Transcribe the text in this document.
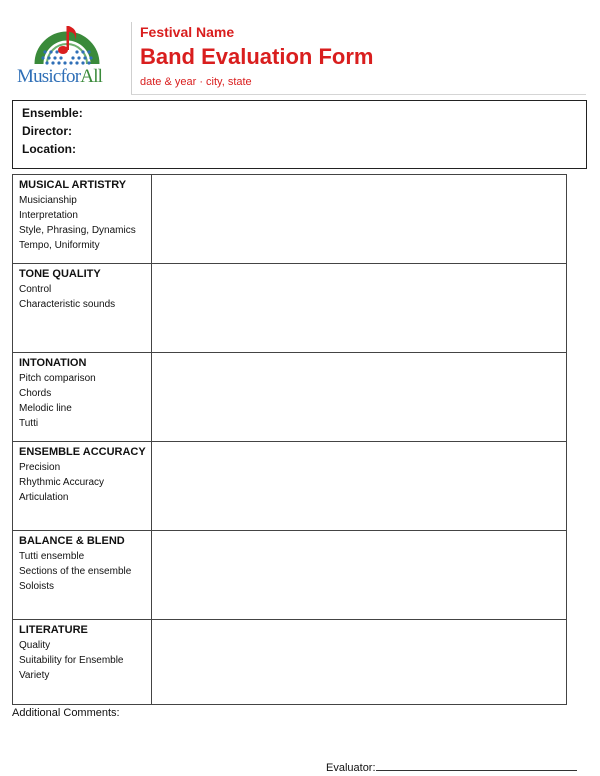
MusicforAll
Festival Name
Band Evaluation Form
date & year · city, state
Ensemble:
Director:
Location:
MUSICAL ARTISTRY
Musicianship
Interpretation
Style, Phrasing, Dynamics
Tempo, Uniformity	

TONE QUALITY
Control
Characteristic sounds	

INTONATION
Pitch comparison
Chords
Melodic line
Tutti	

ENSEMBLE ACCURACY
Precision
Rhythmic Accuracy
Articulation	

BALANCE & BLEND
Tutti ensemble
Sections of the ensemble
Soloists	

LITERATURE
Quality
Suitability for Ensemble
Variety	

Additional Comments:
Evaluator:
